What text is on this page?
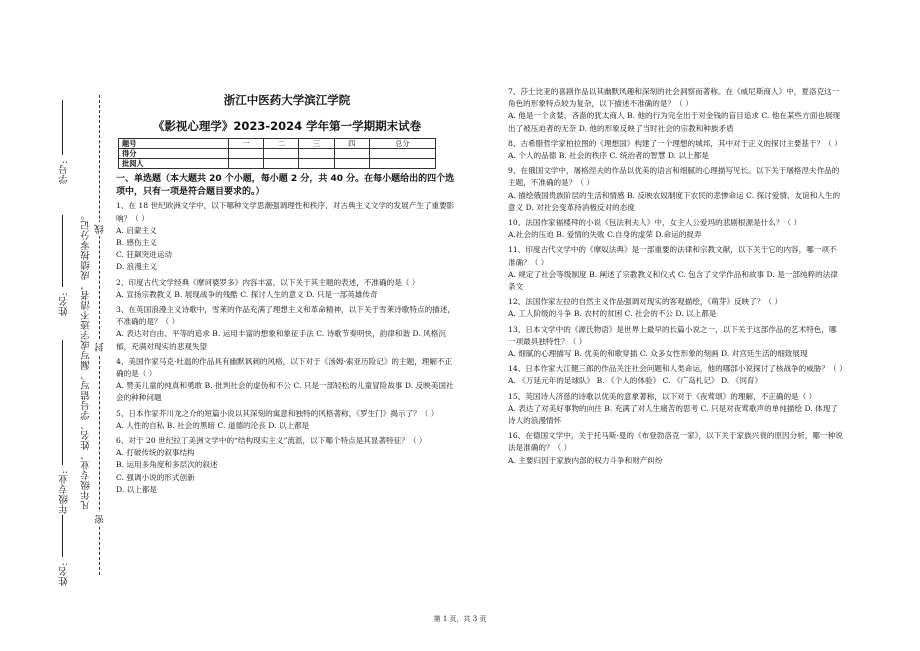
学号:
姓名:
年级专业:
姓名:
凡年级专业、姓名、学号错写、漏写或字迹不清者，成绩按零分记。 线
封
密
浙江中医药大学滨江学院
《影视心理学》2023-2024 学年第一学期期末试卷
题号	一	二	三	四	总分
得分					
批阅人					
一、单选题（本大题共 20 个小题，每小题 2 分，共 40 分。在每小题给出的四个选项中，只有一项是符合题目要求的。）
1、在 18 世纪欧洲文学中，以下哪种文学思潮强调理性和秩序，对古典主义文学的发展产生了重要影响？（ ）
A. 启蒙主义
B. 感伤主义
C. 狂飙突进运动
D. 浪漫主义
2、印度古代文学经典《摩诃婆罗多》内容丰富，以下关于其主题的表述，不准确的是（ ）
A. 宣扬宗教教义 B. 展现战争的残酷 C. 探讨人生的意义 D. 只是一部英雄传奇
3、在英国浪漫主义诗歌中，雪莱的作品充满了理想主义和革命精神，以下关于雪莱诗歌特点的描述，不准确的是？（ ）
A. 表达对自由、平等的追求 B. 运用丰富的想象和象征手法 C. 诗歌节奏明快，韵律和谐 D. 风格沉郁，充满对现实的悲观失望
4、美国作家马克·吐温的作品具有幽默讽刺的风格，以下对于《汤姆·索亚历险记》的主题，理解不正确的是（ ）
A. 赞美儿童的纯真和勇敢 B. 批判社会的虚伪和不公 C. 只是一部轻松的儿童冒险故事 D. 反映美国社会的种种问题
5、日本作家芥川龙之介的短篇小说以其深刻的寓意和独特的风格著称，《罗生门》揭示了？（ ）
A. 人性的自私 B. 社会的黑暗 C. 道德的沦丧 D. 以上都是
6、对于 20 世纪拉丁美洲文学中的“结构现实主义”流派，以下哪个特点是其显著特征？（ ）
A. 打破传统的叙事结构
B. 运用多角度和多层次的叙述
C. 强调小说的形式创新
D. 以上都是
7、莎士比亚的喜剧作品以其幽默风趣和深刻的社会洞察而著称。在《威尼斯商人》中，夏洛克这一角色的形象特点较为复杂，以下描述不准确的是？（ ）
A. 他是一个贪婪、吝啬的犹太商人 B. 他的行为完全出于对金钱的盲目追求 C. 他在某些方面也展现出了被压迫者的无奈 D. 他的形象反映了当时社会的宗教和种族矛盾
8、古希腊哲学家柏拉图的《理想国》构建了一个理想的城邦，其中对于正义的探讨主要基于？（ ）
A. 个人的品德 B. 社会的秩序 C. 统治者的智慧 D. 以上都是
9、在俄国文学中，屠格涅夫的作品以优美的语言和细腻的心理描写见长。以下关于屠格涅夫作品的主题，不准确的是？（ ）
A. 描绘俄国贵族阶层的生活和情感 B. 反映农奴制度下农民的悲惨命运 C. 探讨爱情、友谊和人生的意义 D. 对社会变革持消极反对的态度
10、法国作家福楼拜的小说《包法利夫人》中，女主人公爱玛的悲剧根源是什么？（ ）
A.社会的压迫 B. 爱情的失败 C.自身的虚荣 D.命运的捉弄
11、印度古代文学中的《摩奴法典》是一部重要的法律和宗教文献，以下关于它的内容，哪一项不准确？（ ）
A. 规定了社会等级制度 B. 阐述了宗教教义和仪式 C. 包含了文学作品和故事 D. 是一部纯粹的法律条文
12、法国作家左拉的自然主义作品强调对现实的客观描绘，《萌芽》反映了？（ ）
A. 工人阶级的斗争 B. 农村的贫困 C. 社会的不公 D. 以上都是
13、日本文学中的《源氏物语》是世界上最早的长篇小说之一，以下关于这部作品的艺术特色，哪一项最具独特性？（ ）
A. 细腻的心理描写 B. 优美的和歌穿插 C. 众多女性形象的刻画 D. 对宫廷生活的细致展现
14、日本作家大江健三郎的作品关注社会问题和人类命运，他的哪部小说探讨了核战争的威胁？（ ）
A. 《万延元年的足球队》 B. 《个人的体验》 C. 《广岛札记》 D. 《饲育》
15、英国诗人济慈的诗歌以优美的意象著称，以下对于《夜莺颂》的理解，不正确的是（ ）
A. 表达了对美好事物的向往 B. 充满了对人生痛苦的思考 C. 只是对夜莺歌声的单纯描绘 D. 体现了诗人的浪漫情怀
16、在德国文学中，关于托马斯·曼的《布登勃洛克一家》，以下关于家族兴衰的原因分析，哪一种说法是准确的？（ ）
A. 主要归因于家族内部的权力斗争和财产纠纷
第 1 页，共 3 页
